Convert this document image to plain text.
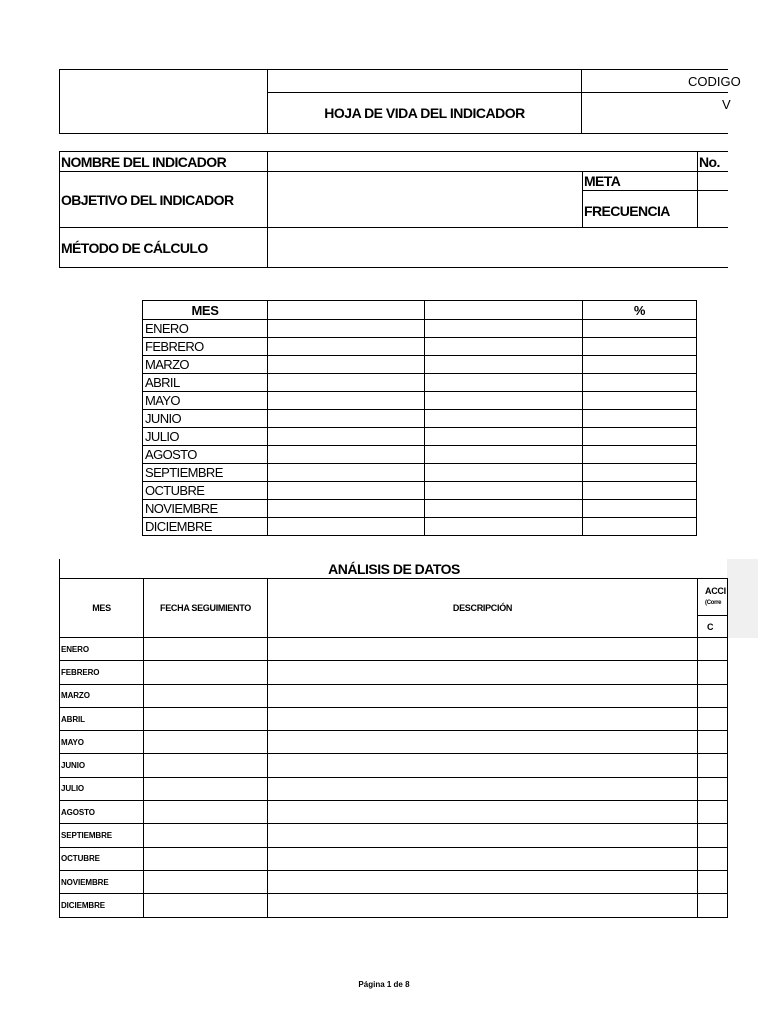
HOJA DE VIDA DEL INDICADOR
CODIGO
V
NOMBRE DEL INDICADOR	No.
OBJETIVO DEL INDICADOR
META
FRECUENCIA
MÉTODO DE CÁLCULO
MES			%
ENERO			
FEBRERO			
MARZO			
ABRIL			
MAYO			
JUNIO			
JULIO			
AGOSTO			
SEPTIEMBRE			
OCTUBRE			
NOVIEMBRE			
DICIEMBRE			
ANÁLISIS DE DATOS
MES	FECHA SEGUIMIENTO	DESCRIPCIÓN	ACCI
(Corre
			C
ENERO			
FEBRERO			
MARZO			
ABRIL			
MAYO			
JUNIO			
JULIO			
AGOSTO			
SEPTIEMBRE			
OCTUBRE			
NOVIEMBRE			
DICIEMBRE			
Página 1 de 8
